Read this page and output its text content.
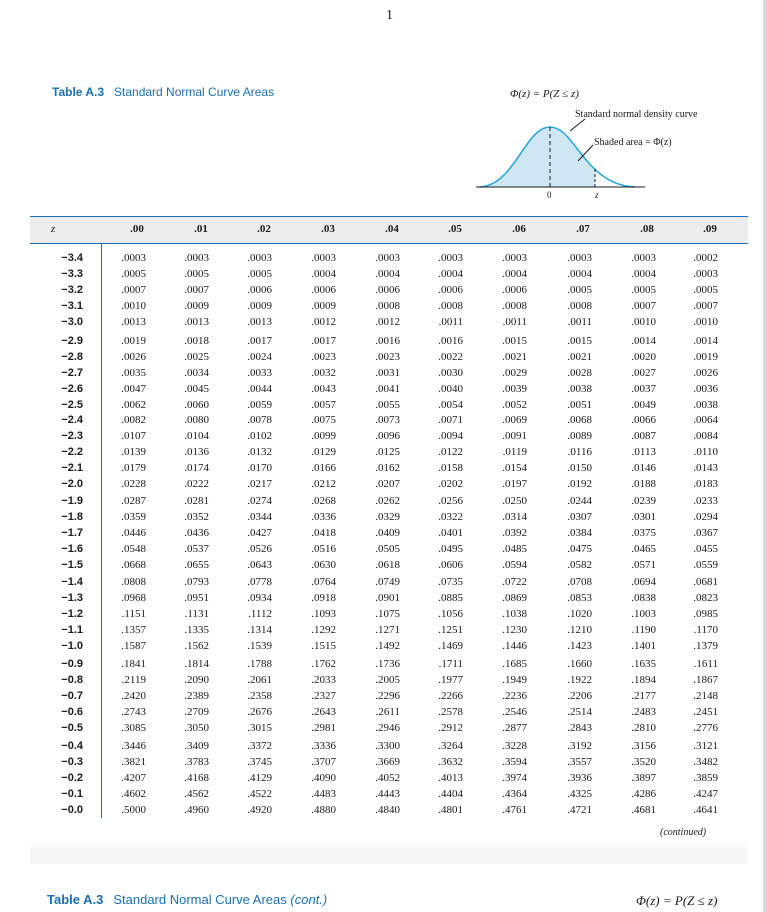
1
Table A.3 Standard Normal Curve Areas	Φ(z) = P(Z ≤ z)
Standard normal density curve
Shaded area = Φ(z)
0	z
z	.00	.01	.02	.03	.04	.05	.06	.07	.08	.09
−3.4	.0003	.0003	.0003	.0003	.0003	.0003	.0003	.0003	.0003	.0002
−3.3	.0005	.0005	.0005	.0004	.0004	.0004	.0004	.0004	.0004	.0003
−3.2	.0007	.0007	.0006	.0006	.0006	.0006	.0006	.0005	.0005	.0005
−3.1	.0010	.0009	.0009	.0009	.0008	.0008	.0008	.0008	.0007	.0007
−3.0	.0013	.0013	.0013	.0012	.0012	.0011	.0011	.0011	.0010	.0010
−2.9	.0019	.0018	.0017	.0017	.0016	.0016	.0015	.0015	.0014	.0014
−2.8	.0026	.0025	.0024	.0023	.0023	.0022	.0021	.0021	.0020	.0019
−2.7	.0035	.0034	.0033	.0032	.0031	.0030	.0029	.0028	.0027	.0026
−2.6	.0047	.0045	.0044	.0043	.0041	.0040	.0039	.0038	.0037	.0036
−2.5	.0062	.0060	.0059	.0057	.0055	.0054	.0052	.0051	.0049	.0038
−2.4	.0082	.0080	.0078	.0075	.0073	.0071	.0069	.0068	.0066	.0064
−2.3	.0107	.0104	.0102	.0099	.0096	.0094	.0091	.0089	.0087	.0084
−2.2	.0139	.0136	.0132	.0129	.0125	.0122	.0119	.0116	.0113	.0110
−2.1	.0179	.0174	.0170	.0166	.0162	.0158	.0154	.0150	.0146	.0143
−2.0	.0228	.0222	.0217	.0212	.0207	.0202	.0197	.0192	.0188	.0183
−1.9	.0287	.0281	.0274	.0268	.0262	.0256	.0250	.0244	.0239	.0233
−1.8	.0359	.0352	.0344	.0336	.0329	.0322	.0314	.0307	.0301	.0294
−1.7	.0446	.0436	.0427	.0418	.0409	.0401	.0392	.0384	.0375	.0367
−1.6	.0548	.0537	.0526	.0516	.0505	.0495	.0485	.0475	.0465	.0455
−1.5	.0668	.0655	.0643	.0630	.0618	.0606	.0594	.0582	.0571	.0559
−1.4	.0808	.0793	.0778	.0764	.0749	.0735	.0722	.0708	.0694	.0681
−1.3	.0968	.0951	.0934	.0918	.0901	.0885	.0869	.0853	.0838	.0823
−1.2	.1151	.1131	.1112	.1093	.1075	.1056	.1038	.1020	.1003	.0985
−1.1	.1357	.1335	.1314	.1292	.1271	.1251	.1230	.1210	.1190	.1170
−1.0	.1587	.1562	.1539	.1515	.1492	.1469	.1446	.1423	.1401	.1379
−0.9	.1841	.1814	.1788	.1762	.1736	.1711	.1685	.1660	.1635	.1611
−0.8	.2119	.2090	.2061	.2033	.2005	.1977	.1949	.1922	.1894	.1867
−0.7	.2420	.2389	.2358	.2327	.2296	.2266	.2236	.2206	.2177	.2148
−0.6	.2743	.2709	.2676	.2643	.2611	.2578	.2546	.2514	.2483	.2451
−0.5	.3085	.3050	.3015	.2981	.2946	.2912	.2877	.2843	.2810	.2776
−0.4	.3446	.3409	.3372	.3336	.3300	.3264	.3228	.3192	.3156	.3121
−0.3	.3821	.3783	.3745	.3707	.3669	.3632	.3594	.3557	.3520	.3482
−0.2	.4207	.4168	.4129	.4090	.4052	.4013	.3974	.3936	.3897	.3859
−0.1	.4602	.4562	.4522	.4483	.4443	.4404	.4364	.4325	.4286	.4247
−0.0	.5000	.4960	.4920	.4880	.4840	.4801	.4761	.4721	.4681	.4641
(continued)
Table A.3 Standard Normal Curve Areas (cont.)	Φ(z) = P(Z ≤ z)
